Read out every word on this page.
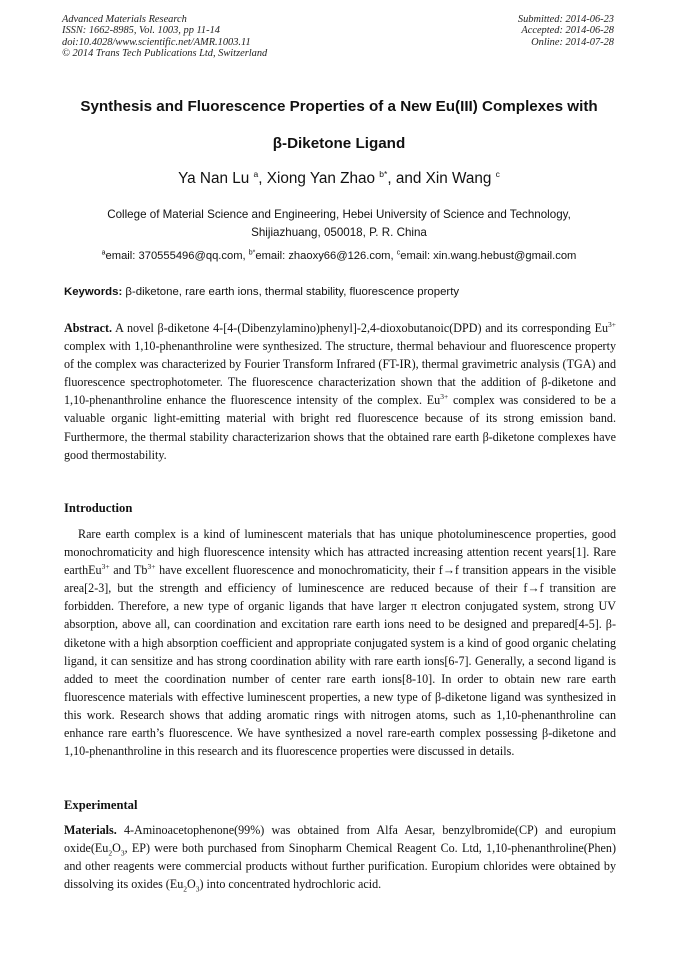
Advanced Materials Research
ISSN: 1662-8985, Vol. 1003, pp 11-14
doi:10.4028/www.scientific.net/AMR.1003.11
© 2014 Trans Tech Publications Ltd, Switzerland
Submitted: 2014-06-23
Accepted: 2014-06-28
Online: 2014-07-28
Synthesis and Fluorescence Properties of a New Eu(III) Complexes with
β-Diketone Ligand
Ya Nan Lu $^a$, Xiong Yan Zhao $^{b*}$, and Xin Wang $^c$
College of Material Science and Engineering, Hebei University of Science and Technology,
Shijiazhuang, 050018, P. R. China
$^a$email: 370555496@qq.com, $^{b*}$email: zhaoxy66@126.com, $^c$email: xin.wang.hebust@gmail.com
Keywords: β-diketone, rare earth ions, thermal stability, fluorescence property
Abstract. A novel β-diketone 4-[4-(Dibenzylamino)phenyl]-2,4-dioxobutanoic(DPD) and its corresponding $Eu^{3+}$ complex with 1,10-phenanthroline were synthesized. The structure, thermal behaviour and fluorescence property of the complex was characterized by Fourier Transform Infrared (FT-IR), thermal gravimetric analysis (TGA) and fluorescence spectrophotometer. The fluorescence characterization shown that the addition of β-diketone and 1,10-phenanthroline enhance the fluorescence intensity of the complex. $Eu^{3+}$ complex was considered to be a valuable organic light-emitting material with bright red fluorescence because of its strong emission band. Furthermore, the thermal stability characterizarion shows that the obtained rare earth β-diketone complexes have good thermostability.
Introduction
Rare earth complex is a kind of luminescent materials that has unique photoluminescence properties, good monochromaticity and high fluorescence intensity which has attracted increasing attention recent years[1]. Rare earthEu$^{3+}$ and $Tb^{3+}$ have excellent fluorescence and monochromaticity, their f→f transition appears in the visible area[2-3], but the strength and efficiency of luminescence are reduced because of their f→f transition are forbidden. Therefore, a new type of organic ligands that have larger π electron conjugated system, strong UV absorption, above all, can coordination and excitation rare earth ions need to be designed and prepared[4-5]. β-diketone with a high absorption coefficient and appropriate conjugated system is a kind of good organic chelating ligand, it can sensitize and has strong coordination ability with rare earth ions[6-7]. Generally, a second ligand is added to meet the coordination number of center rare earth ions[8-10]. In order to obtain new rare earth fluorescence materials with effective luminescent properties, a new type of β-diketone ligand was synthesized in this work. Research shows that adding aromatic rings with nitrogen atoms, such as 1,10-phenanthroline can enhance rare earth’s fluorescence. We have synthesized a novel rare-earth complex possessing β-diketone and 1,10-phenanthroline in this research and its fluorescence properties were discussed in details.
Experimental
Materials. 4-Aminoacetophenone(99%) was obtained from Alfa Aesar, benzylbromide(CP) and europium $oxide(Eu_2O_3$, EP) were both purchased from Sinopharm Chemical Reagent Co. Ltd, 1,10-phenanthroline(Phen) and other reagents were commercial products without further purification. Europium chlorides were obtained by dissolving its oxides $(Eu_2O_3)$ into concentrated hydrochloric acid.
